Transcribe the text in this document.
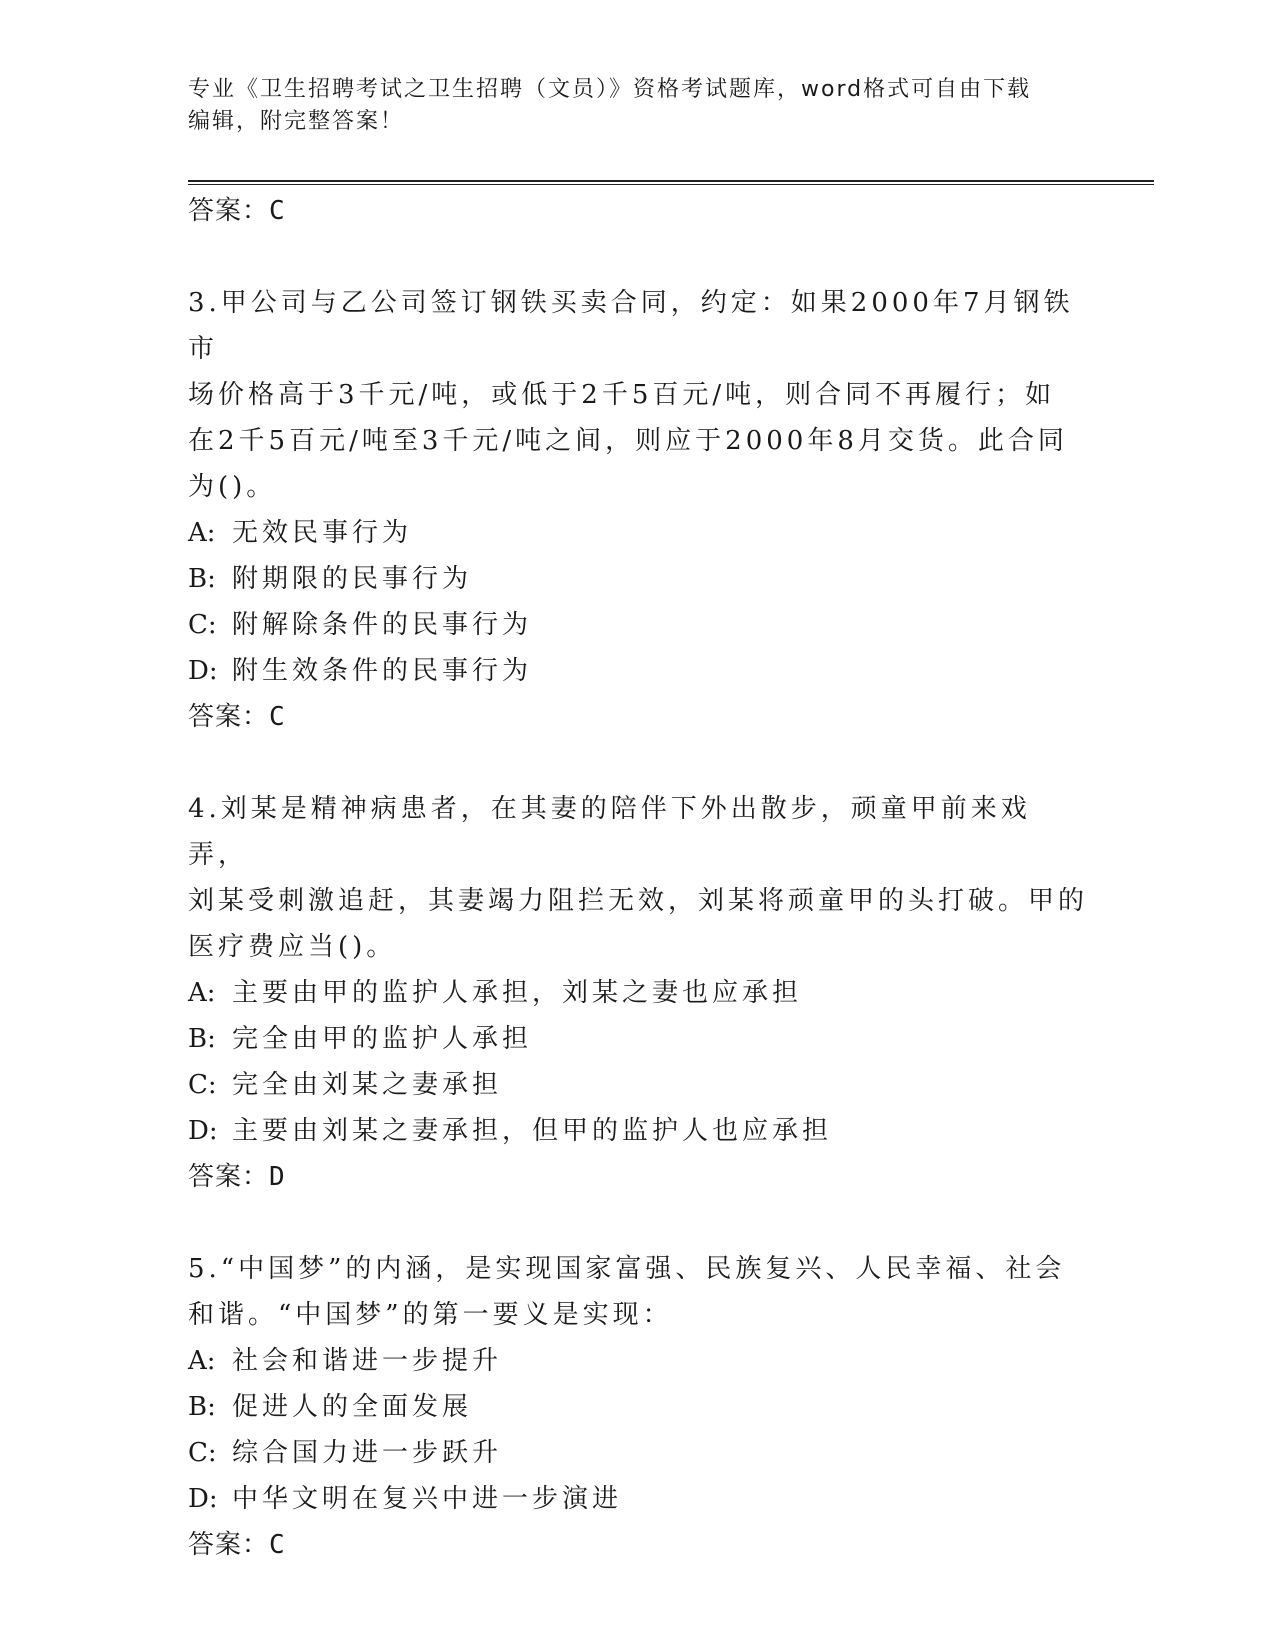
专业《卫生招聘考试之卫生招聘（文员）》资格考试题库，word格式可自由下载
编辑，附完整答案！
答案：C
3.甲公司与乙公司签订钢铁买卖合同，约定：如果2000年7月钢铁市
场价格高于3千元/吨，或低于2千5百元/吨，则合同不再履行；如
在2千5百元/吨至3千元/吨之间，则应于2000年8月交货。此合同
为()。
A: 无效民事行为
B: 附期限的民事行为
C: 附解除条件的民事行为
D: 附生效条件的民事行为
答案：C
4.刘某是精神病患者，在其妻的陪伴下外出散步，顽童甲前来戏弄，
刘某受刺激追赶，其妻竭力阻拦无效，刘某将顽童甲的头打破。甲的
医疗费应当()。
A: 主要由甲的监护人承担，刘某之妻也应承担
B: 完全由甲的监护人承担
C: 完全由刘某之妻承担
D: 主要由刘某之妻承担，但甲的监护人也应承担
答案：D
5.“中国梦”的内涵，是实现国家富强、民族复兴、人民幸福、社会
和谐。“中国梦”的第一要义是实现：
A: 社会和谐进一步提升
B: 促进人的全面发展
C: 综合国力进一步跃升
D: 中华文明在复兴中进一步演进
答案：C
